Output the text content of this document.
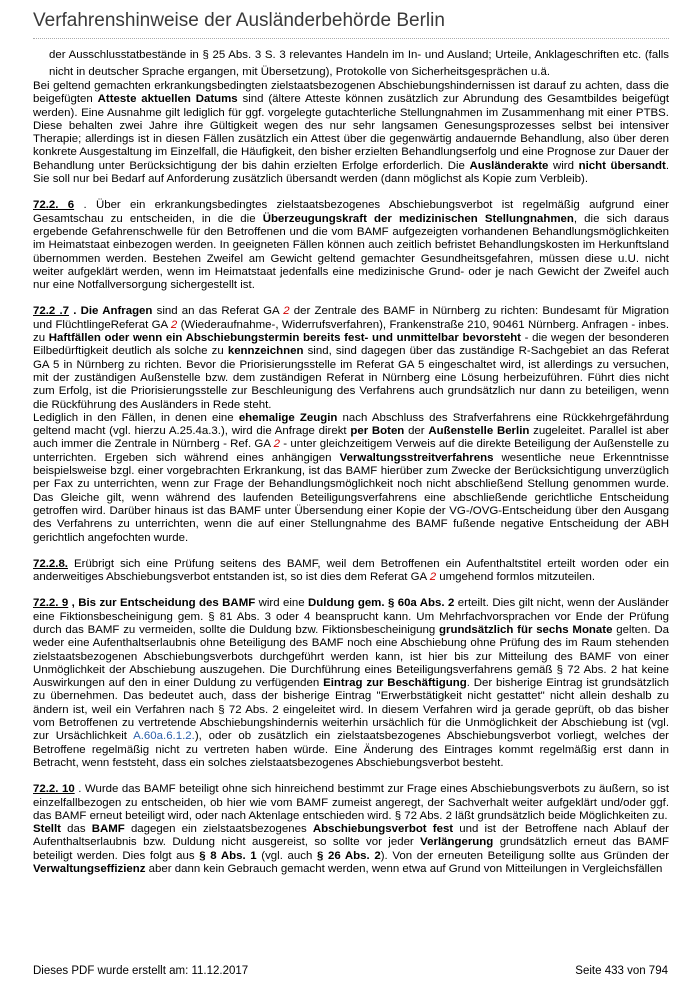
Verfahrenshinweise der Ausländerbehörde Berlin

der Ausschlusstatbestände in § 25 Abs. 3 S. 3 relevantes Handeln im In- und Ausland; Urteile, Anklageschriften etc. (falls nicht in deutscher Sprache ergangen, mit Übersetzung), Protokolle von Sicherheitsgesprächen u.ä.

Bei geltend gemachten erkrankungsbedingten zielstaatsbezogenen Abschiebungshindernissen ist darauf zu achten, dass die beigefügten Atteste aktuellen Datums sind (ältere Atteste können zusätzlich zur Abrundung des Gesamtbildes beigefügt werden). Eine Ausnahme gilt lediglich für ggf. vorgelegte gutachterliche Stellungnahmen im Zusammenhang mit einer PTBS. Diese behalten zwei Jahre ihre Gültigkeit wegen des nur sehr langsamen Genesungsprozesses selbst bei intensiver Therapie; allerdings ist in diesen Fällen zusätzlich ein Attest über die gegenwärtig andauernde Behandlung, also über deren konkrete Ausgestaltung im Einzelfall, die Häufigkeit, den bisher erzielten Behandlungserfolg und eine Prognose zur Dauer der Behandlung unter Berücksichtigung der bis dahin erzielten Erfolge erforderlich. Die Ausländerakte wird nicht übersandt. Sie soll nur bei Bedarf auf Anforderung zusätzlich übersandt werden (dann möglichst als Kopie zum Verbleib).

72.2. 6 . Über ein erkrankungsbedingtes zielstaatsbezogenes Abschiebungsverbot ist regelmäßig aufgrund einer Gesamtschau zu entscheiden, in die die Überzeugungskraft der medizinischen Stellungnahmen, die sich daraus ergebende Gefahrenschwelle für den Betroffenen und die vom BAMF aufgezeigten vorhandenen Behandlungsmöglichkeiten im Heimatstaat einbezogen werden. In geeigneten Fällen können auch zeitlich befristet Behandlungskosten im Herkunftsland übernommen werden. Bestehen Zweifel am Gewicht geltend gemachter Gesundheitsgefahren, müssen diese u.U. nicht weiter aufgeklärt werden, wenn im Heimatstaat jedenfalls eine medizinische Grund- oder je nach Gewicht der Zweifel auch nur eine Notfallversorgung sichergestellt ist.

72.2 .7 . Die Anfragen sind an das Referat GA 2 der Zentrale des BAMF in Nürnberg zu richten: Bundesamt für Migration und FlüchtlingeReferat GA 2 (Wiederaufnahme-, Widerrufsverfahren), Frankenstraße 210, 90461 Nürnberg. Anfragen - inbes. zu Haftfällen oder wenn ein Abschiebungstermin bereits fest- und unmittelbar bevorsteht - die wegen der besonderen Eilbedürftigkeit deutlich als solche zu kennzeichnen sind, sind dagegen über das zuständige R-Sachgebiet an das Referat GA 5 in Nürnberg zu richten. Bevor die Priorisierungsstelle im Referat GA 5 eingeschaltet wird, ist allerdings zu versuchen, mit der zuständigen Außenstelle bzw. dem zuständigen Referat in Nürnberg eine Lösung herbeizuführen. Führt dies nicht zum Erfolg, ist die Priorisierungsstelle zur Beschleunigung des Verfahrens auch grundsätzlich nur dann zu beteiligen, wenn die Rückführung des Ausländers in Rede steht.

Lediglich in den Fällen, in denen eine ehemalige Zeugin nach Abschluss des Strafverfahrens eine Rückkehrgefährdung geltend macht (vgl. hierzu A.25.4a.3.), wird die Anfrage direkt per Boten der Außenstelle Berlin zugeleitet. Parallel ist aber auch immer die Zentrale in Nürnberg - Ref. GA 2 - unter gleichzeitigem Verweis auf die direkte Beteiligung der Außenstelle zu unterrichten. Ergeben sich während eines anhängigen Verwaltungsstreitverfahrens wesentliche neue Erkenntnisse beispielsweise bzgl. einer vorgebrachten Erkrankung, ist das BAMF hierüber zum Zwecke der Berücksichtigung unverzüglich per Fax zu unterrichten, wenn zur Frage der Behandlungsmöglichkeit noch nicht abschließend Stellung genommen wurde. Das Gleiche gilt, wenn während des laufenden Beteiligungsverfahrens eine abschließende gerichtliche Entscheidung getroffen wird. Darüber hinaus ist das BAMF unter Übersendung einer Kopie der VG-/OVG-Entscheidung über den Ausgang des Verfahrens zu unterrichten, wenn die auf einer Stellungnahme des BAMF fußende negative Entscheidung der ABH gerichtlich angefochten wurde.

72.2.8. Erübrigt sich eine Prüfung seitens des BAMF, weil dem Betroffenen ein Aufenthaltstitel erteilt worden oder ein anderweitiges Abschiebungsverbot entstanden ist, so ist dies dem Referat GA 2 umgehend formlos mitzuteilen.

72.2. 9 , Bis zur Entscheidung des BAMF wird eine Duldung gem. § 60a Abs. 2 erteilt. Dies gilt nicht, wenn der Ausländer eine Fiktionsbescheinigung gem. § 81 Abs. 3 oder 4 beansprucht kann. Um Mehrfachvorsprachen vor Ende der Prüfung durch das BAMF zu vermeiden, sollte die Duldung bzw. Fiktionsbescheinigung grundsätzlich für sechs Monate gelten. Da weder eine Aufenthaltserlaubnis ohne Beteiligung des BAMF noch eine Abschiebung ohne Prüfung des im Raum stehenden zielstaatsbezogenen Abschiebungsverbots durchgeführt werden kann, ist hier bis zur Mitteilung des BAMF von einer Unmöglichkeit der Abschiebung auszugehen. Die Durchführung eines Beteiligungsverfahrens gemäß § 72 Abs. 2 hat keine Auswirkungen auf den in einer Duldung zu verfügenden Eintrag zur Beschäftigung. Der bisherige Eintrag ist grundsätzlich zu übernehmen. Das bedeutet auch, dass der bisherige Eintrag "Erwerbstätigkeit nicht gestattet" nicht allein deshalb zu ändern ist, weil ein Verfahren nach § 72 Abs. 2 eingeleitet wird. In diesem Verfahren wird ja gerade geprüft, ob das bisher vom Betroffenen zu vertretende Abschiebungshindernis weiterhin ursächlich für die Unmöglichkeit der Abschiebung ist (vgl. zur Ursächlichkeit A.60a.6.1.2.), oder ob zusätzlich ein zielstaatsbezogenes Abschiebungsverbot vorliegt, welches der Betroffene regelmäßig nicht zu vertreten haben würde. Eine Änderung des Eintrages kommt regelmäßig erst dann in Betracht, wenn feststeht, dass ein solches zielstaatsbezogenes Abschiebungsverbot besteht.

72.2. 10 . Wurde das BAMF beteiligt ohne sich hinreichend bestimmt zur Frage eines Abschiebungsverbots zu äußern, so ist einzelfallbezogen zu entscheiden, ob hier wie vom BAMF zumeist angeregt, der Sachverhalt weiter aufgeklärt und/oder ggf. das BAMF erneut beteiligt wird, oder nach Aktenlage entschieden wird. § 72 Abs. 2 läßt grundsätzlich beide Möglichkeiten zu.

Stellt das BAMF dagegen ein zielstaatsbezogenes Abschiebungsverbot fest und ist der Betroffene nach Ablauf der Aufenthaltserlaubnis bzw. Duldung nicht ausgereist, so sollte vor jeder Verlängerung grundsätzlich erneut das BAMF beteiligt werden. Dies folgt aus § 8 Abs. 1 (vgl. auch § 26 Abs. 2). Von der erneuten Beteiligung sollte aus Gründen der Verwaltungseffizienz aber dann kein Gebrauch gemacht werden, wenn etwa auf Grund von Mitteilungen in Vergleichsfällen

Dieses PDF wurde erstellt am: 11.12.2017	Seite 433 von 794
